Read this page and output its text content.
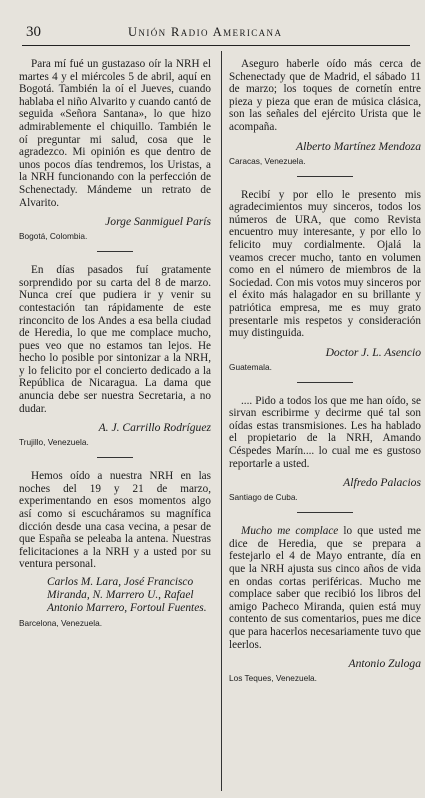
30	Unión Radio Americana

Para mí fué un gustazaso oír la NRH el martes 4 y el miércoles 5 de abril, aquí en Bogotá. También la oí el Jueves, cuando hablaba el niño Alvarito y cuando cantó de seguida «Señora Santana», lo que hizo admirablemente el chiquillo. También le oí preguntar mi salud, cosa que le agradezco. Mi opinión es que dentro de unos pocos días tendremos, los Uristas, a la NRH funcionando con la perfección de Schenectady. Mándeme un retrato de Alvarito.

Jorge Sanmiguel París

Bogotá, Colombia.

En días pasados fuí gratamente sorprendido por su carta del 8 de marzo. Nunca creí que pudiera ir y venir su contestación tan rápidamente de este rinconcito de los Andes a esa bella ciudad de Heredia, lo que me complace mucho, pues veo que no estamos tan lejos. He hecho lo posible por sintonizar a la NRH, y lo felicito por el concierto dedicado a la República de Nicaragua. La dama que anuncia debe ser nuestra Secretaria, a no dudar.

A. J. Carrillo Rodríguez

Trujillo, Venezuela.

Hemos oído a nuestra NRH en las noches del 19 y 21 de marzo, experimentando en esos momentos algo así como si escucháramos su magnífica dicción desde una casa vecina, a pesar de que España se peleaba la antena. Nuestras felicitaciones a la NRH y a usted por su ventura personal.

Carlos M. Lara, José Francisco Miranda, N. Marrero U., Rafael Antonio Marrero, Fortoul Fuentes.

Barcelona, Venezuela.

Aseguro haberle oído más cerca de Schenectady que de Madrid, el sábado 11 de marzo; los toques de cornetín entre pieza y pieza que eran de música clásica, son las señales del ejército Urista que le acompaña.

Alberto Martínez Mendoza

Caracas, Venezuela.

Recibí y por ello le presento mis agradecimientos muy sinceros, todos los números de URA, que como Revista encuentro muy interesante, y por ello lo felicito muy cordialmente. Ojalá la veamos crecer mucho, tanto en volumen como en el número de miembros de la Sociedad. Con mis votos muy sinceros por el éxito más halagador en su brillante y patriótica empresa, me es muy grato presentarle mis respetos y consideración muy distinguida.

Doctor J. L. Asencio

Guatemala.

.... Pido a todos los que me han oído, se sirvan escribirme y decirme qué tal son oídas estas transmisiones. Les ha hablado el propietario de la NRH, Amando Céspedes Marín.... lo cual me es gustoso reportarle a usted.

Alfredo Palacios

Santiago de Cuba.

Mucho me complace lo que usted me dice de Heredia, que se prepara a festejarlo el 4 de Mayo entrante, día en que la NRH ajusta sus cinco años de vida en ondas cortas periféricas. Mucho me complace saber que recibió los libros del amigo Pacheco Miranda, quien está muy contento de sus comentarios, pues me dice que para hacerlos necesariamente tuvo que leerlos.

Antonio Zuloga

Los Teques, Venezuela.
